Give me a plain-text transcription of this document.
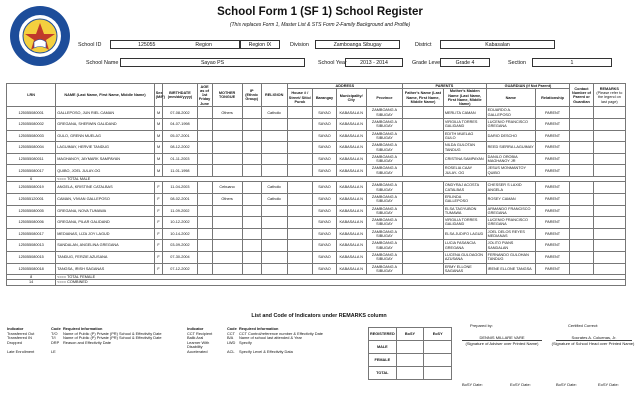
School Form 1 (SF 1) School Register
(This replaces Form 1, Master List & STS Form 2-Family Background and Profile)
School ID	125055	Region	Region IX	Division	Zamboanga Sibugay	District	Kabasalan
School Name	Sayao PS	School Year	2013 - 2014	Grade Level	Grade 4	Section	1
LRN	NAME (Last Name, First Name, Middle Name)	Sex (M/F)	BIRTHDATE (mm/dd/yyyy)	AGE as of 1st Friday June	MOTHER TONGUE	IP (Ethnic Group)	RELIGION	ADDRESS				PARENTS		GUARDIAN (if Not Parent)		Contact Number of Parent or Guardian	REMARKS
(Please refer to the legend on last page)
								House # / Street/ Sitio/ Purok	Barangay	Municipality/ City	Province	Father's Name (Last Name, First Name, Middle Name)	Mother's Maiden Name (Last Name, First Name, Middle Name)	Name	Relationship		
125055080001	GALLEPOSO, JUN RIEL CAMAN	M	07-08-2002		Others		Catholic		SAYAO	KABASALA N	ZAMBOANG A SIBUGAY		MERLITA CAMAN	EDUARDO A. GALLEPOSO	PARENT		
125055080002	GREGANA, SHERWIN GALIDAND	M	04-07-1998						SAYAO	KABASALA N	ZAMBOANG A SIBUGAY		VIRGILIA TORRES GALIDAND	LUCENIO FRANCISCO GREGANA	PARENT		
125055080003	GULO, GRENN MUELAG	M	05-07-2001						SAYAO	KABASALA N	ZAMBOANG A SIBUGAY		EDITH MUELAG GULO	DARIO DESCHO	PARENT		
125055080004	LAGUIMAY, HERVIE TANDUG	M	08-12-2002						SAYAO	KABASALA N	ZAMBOANG A SIBUGAY		NILDA GULOTAN TANDUG	REED SIERRA LAGUIMAY	PARENT		
125055080011	MAGHANOY, JAYMARK SAMPAYAN	M	01-11-2003						SAYAO	KABASALA N	ZAMBOANG A SIBUGAY		CRISTINA SAMPAYAN	DANILO OROBIA MAGHANOY JR	PARENT		
125055080017	QUIBO, JOEL JULAY-OG	M	11-01-1998						SAYAO	KABASALA N	ZAMBOANG A SIBUGAY		ROSELIA CAAY JULAY- OG	JESUS MONMANTOY QUIBO	PARENT		
6	<=== TOTAL MALE																
125055080019	ANGELA, KRISTINE CATALBAS	F	11-04-2003		Cebuano		Catholic		SAYAO	KABASALA N	ZAMBOANG A SIBUGAY		ONDYRAJ ACOSTA CATALBAS	CHESSER S LAXID ANGELA	PARENT		
125055120001	CAMAN, VIVIAN GALLEPOSO	F	08-02-2001		Others		Catholic		SAYAO	KABASALA N	ZAMBOANG A SIBUGAY		ERLINDA GALLEPOSO	ROSEY CAMAN	PARENT		
125055080005	GREGANA, NOVA TUMAWA	F	11-09-2002						SAYAO	KABASALA N	ZAMBOANG A SIBUGAY		ELSA TAGYUBON TUMAWA	ARMANDO FRANCISCO GREGANA	PARENT		
125055080006	GREGANA, PILAR GALIDAND	F	10-12-2002						SAYAO	KABASALA N	ZAMBOANG A SIBUGAY		VIRGILIA TORRES GALIDAND	LUCENIO FRANCISCO GREGANA	PARENT		
125055080017	MEDIANAS, LIZA JOY LAGUD	F	10-14-2002						SAYAO	KABASALA N	ZAMBOANG A SIBUGAY		ELSA JUDIFO LAGUD	JOEL DELOS REYES MEDIANAS	PARENT		
125055080013	SANDALAN, ANGELINA GREGANA	F	03-09-2002						SAYAO	KABASALA N	ZAMBOANG A SIBUGAY		LUCIA FASANCIA GREGANA	JOLITO PIANS SANDALAN	PARENT		
125055080015	TANDUG, FERZIE AZUSANA	F	07-30-2004						SAYAO	KABASALA N	ZAMBOANG A SIBUGAY		LUCENA GULOAGON AZUSANA	FERNANDO GULOHAN TANDUG	PARENT		
125055080018	TANGSA, IRISH SAGANAS	F	07-12-2002						SAYAO	KABASALA N	ZAMBOANG A SIBUGAY		ERMY ELLONE SAGANAS	IRENE ELLONE TANGSA	PARENT		
8	<=== TOTAL FEMALE																
14	<=== COMBINED																
List and Code of Indicators under REMARKS column
Indicator	Code	Required Information	Indicator	Code	Required Information
Transferred Out	T/O	Name of Public (P) Private (PR) School & Effectivity Date	CCT Recipient	CCT	CCT Control/reference number & Effectivity Date
Transferred IN	T/I	Name of Public (P) Private (PR) School & Effectivity Date	Balik Aral	B/A	Name of school last attended & Year
Dropped	DRP	Reason and Effectivity Date	Learner With Disability	LWD	Specify
Late Enrollment	LE		Accelerated	ACL	Specify Level & Effectivity Data
REGISTERED	BoSY	EoSY
MALE		
FEMALE		
TOTAL		
Prepared by:
DENNIS MILLARE VARE
(Signature of Adviser over Printed Name)
Certified Correct:
Socrates A. Coluenas, Jr.
(Signature of School Head over Printed Name)
BoSY Date:	EoSY Date:	BoSY Date:	EoSY Date:
